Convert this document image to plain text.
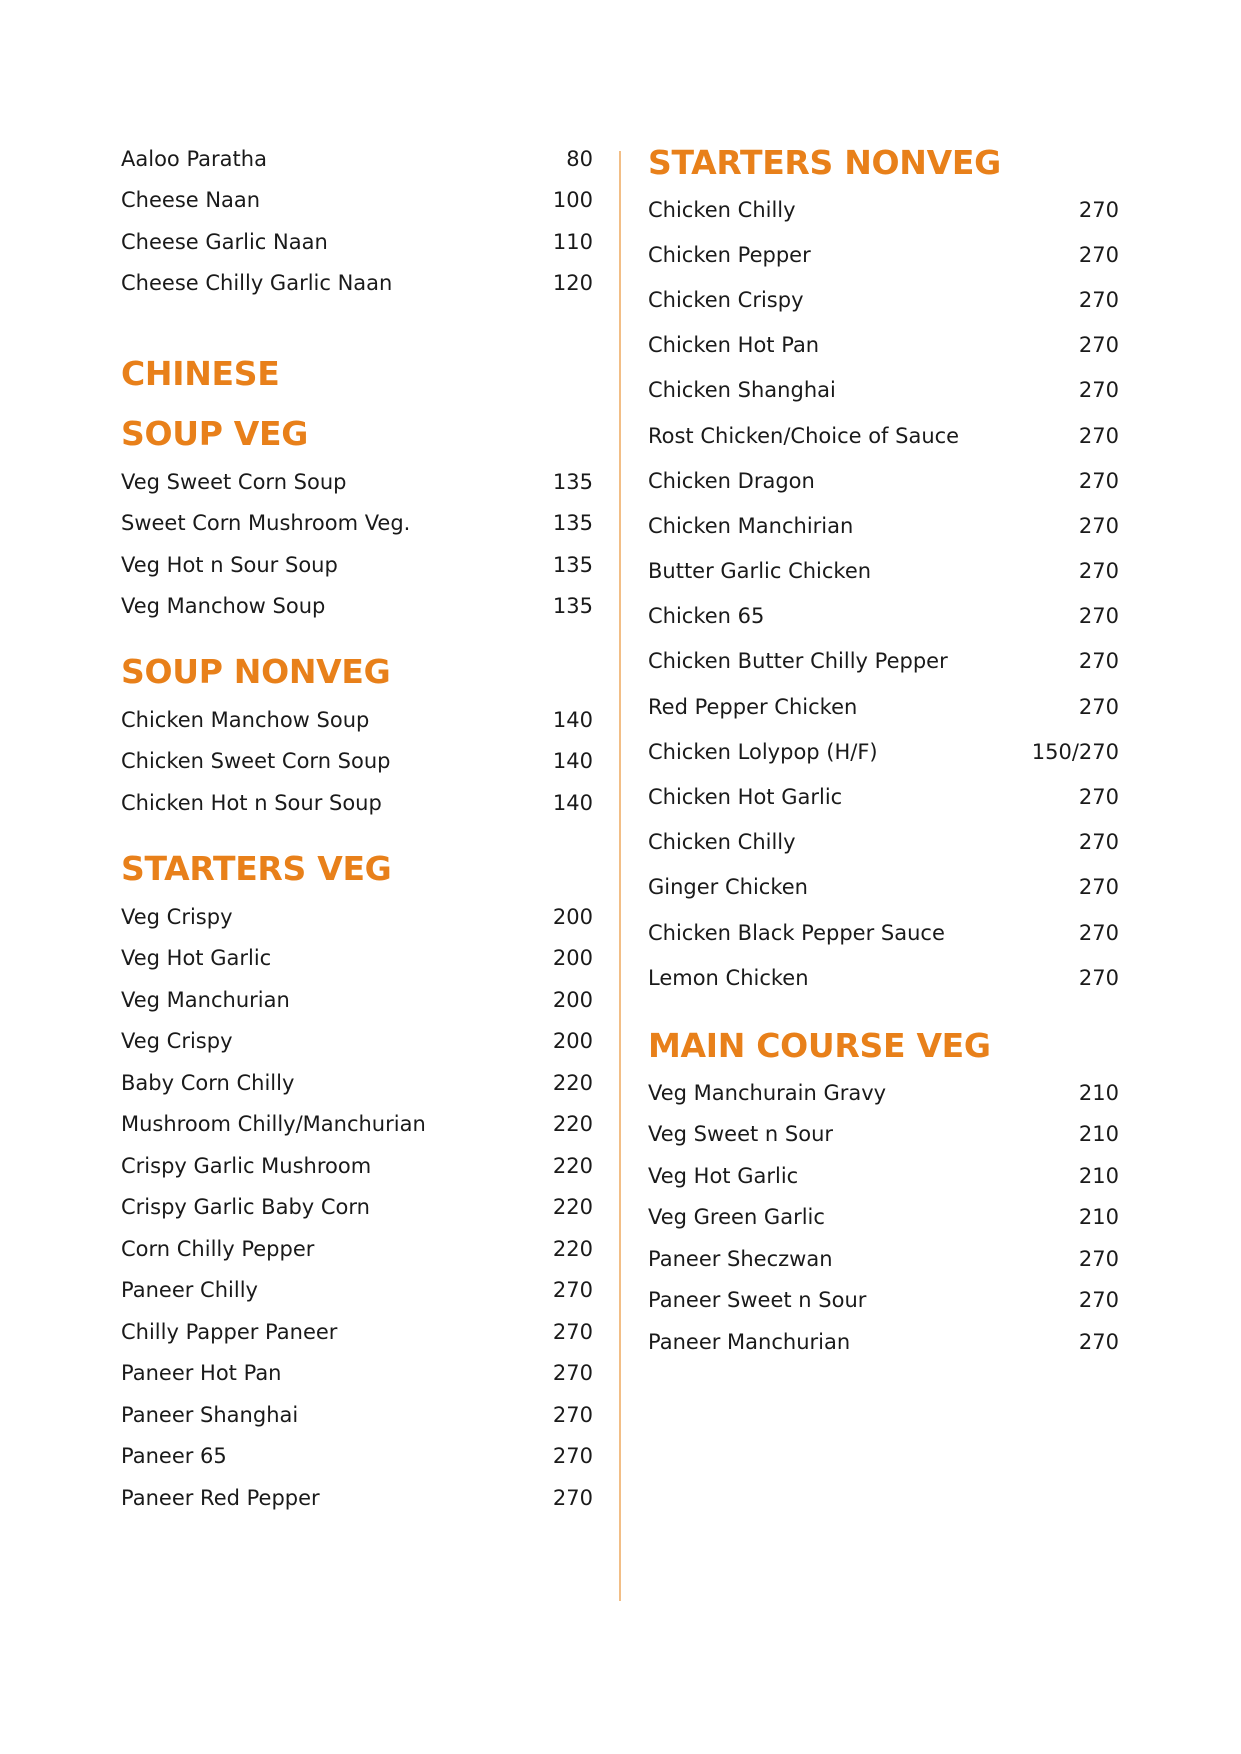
Aaloo Paratha	80
Cheese Naan	100
Cheese Garlic Naan	110
Cheese Chilly Garlic Naan	120
CHINESE
SOUP VEG
Veg Sweet Corn Soup	135
Sweet Corn Mushroom Veg.	135
Veg Hot n Sour Soup	135
Veg Manchow Soup	135
SOUP NONVEG
Chicken Manchow Soup	140
Chicken Sweet Corn Soup	140
Chicken Hot n Sour Soup	140
STARTERS VEG
Veg Crispy	200
Veg Hot Garlic	200
Veg Manchurian	200
Veg Crispy	200
Baby Corn Chilly	220
Mushroom Chilly/Manchurian	220
Crispy Garlic Mushroom	220
Crispy Garlic Baby Corn	220
Corn Chilly Pepper	220
Paneer Chilly	270
Chilly Papper Paneer	270
Paneer Hot Pan	270
Paneer Shanghai	270
Paneer 65	270
Paneer Red Pepper	270
STARTERS NONVEG
Chicken Chilly	270
Chicken Pepper	270
Chicken Crispy	270
Chicken Hot Pan	270
Chicken Shanghai	270
Rost Chicken/Choice of Sauce	270
Chicken Dragon	270
Chicken Manchirian	270
Butter Garlic Chicken	270
Chicken 65	270
Chicken Butter Chilly Pepper	270
Red Pepper Chicken	270
Chicken Lolypop (H/F)	150/270
Chicken Hot Garlic	270
Chicken Chilly	270
Ginger Chicken	270
Chicken Black Pepper Sauce	270
Lemon Chicken	270
MAIN COURSE VEG
Veg Manchurain Gravy	210
Veg Sweet n Sour	210
Veg Hot Garlic	210
Veg Green Garlic	210
Paneer Sheczwan	270
Paneer Sweet n Sour	270
Paneer Manchurian	270
